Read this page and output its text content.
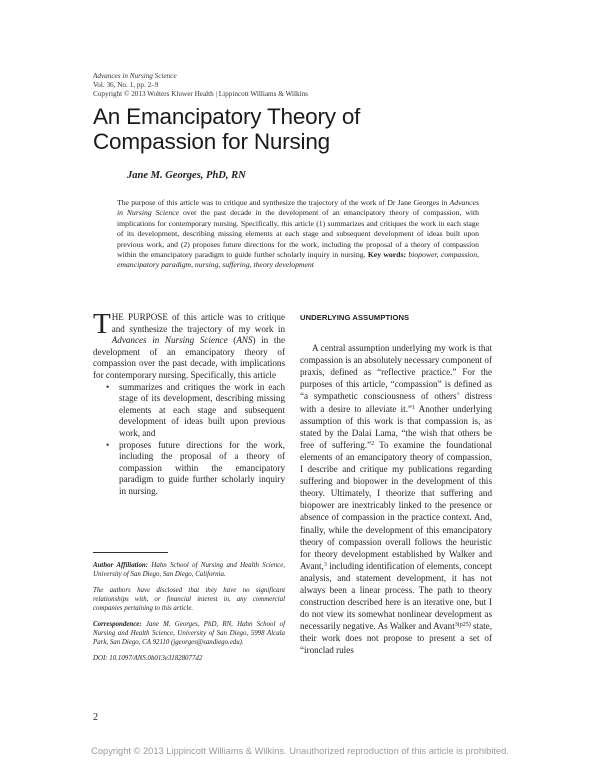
Advances in Nursing Science
Vol. 36, No. 1, pp. 2–9
Copyright © 2013 Wolters Kluwer Health | Lippincott Williams & Wilkins
An Emancipatory Theory of
Compassion for Nursing
Jane M. Georges, PhD, RN
The purpose of this article was to critique and synthesize the trajectory of the work of Dr Jane Georges in Advances in Nursing Science over the past decade in the development of an emancipatory theory of compassion, with implications for contemporary nursing. Specifically, this article (1) summarizes and critiques the work in each stage of its development, describing missing elements at each stage and subsequent development of ideas built upon previous work, and (2) proposes future directions for the work, including the proposal of a theory of compassion within the emancipatory paradigm to guide further scholarly inquiry in nursing. Key words: biopower, compassion, emancipatory paradigm, nursing, suffering, theory development
THE PURPOSE of this article was to critique and synthesize the trajectory of my work in Advances in Nursing Science (ANS) in the development of an emancipatory theory of compassion over the past decade, with implications for contemporary nursing. Specifically, this article
• summarizes and critiques the work in each stage of its development, describing missing elements at each stage and subsequent development of ideas built upon previous work, and
• proposes future directions for the work, including the proposal of a theory of compassion within the emancipatory paradigm to guide further scholarly inquiry in nursing.

Author Affiliation: Hahn School of Nursing and Health Science, University of San Diego, San Diego, California.

The authors have disclosed that they have no significant relationships with, or financial interest in, any commercial companies pertaining to this article.

Correspondence: Jane M. Georges, PhD, RN, Hahn School of Nursing and Health Science, University of San Diego, 5998 Alcala Park, San Diego, CA 92110 (jgeorges@sandiego.edu).

DOI: 10.1097/ANS.0b013e31828077d2

UNDERLYING ASSUMPTIONS

A central assumption underlying my work is that compassion is an absolutely necessary component of praxis, defined as “reflective practice.” For the purposes of this article, “compassion” is defined as “a sympathetic consciousness of others’ distress with a desire to alleviate it.”$^1$ Another underlying assumption of this work is that compassion is, as stated by the Dalai Lama, “the wish that others be free of suffering.”$^2$ To examine the foundational elements of an emancipatory theory of compassion, I describe and critique my publications regarding suffering and biopower in the development of this theory. Ultimately, I theorize that suffering and biopower are inextricably linked to the presence or absence of compassion in the practice context. And, finally, while the development of this emancipatory theory of compassion overall follows the heuristic for theory development established by Walker and Avant,$^3$ including identification of elements, concept analysis, and statement development, it has not always been a linear process. The path to theory construction described here is an iterative one, but I do not view its somewhat nonlinear development as necessarily negative. As Walker and Avant$^{3(p25)}$ state, their work does not propose to present a set of “ironclad rules

2
Copyright © 2013 Lippincott Williams & Wilkins. Unauthorized reproduction of this article is prohibited.
